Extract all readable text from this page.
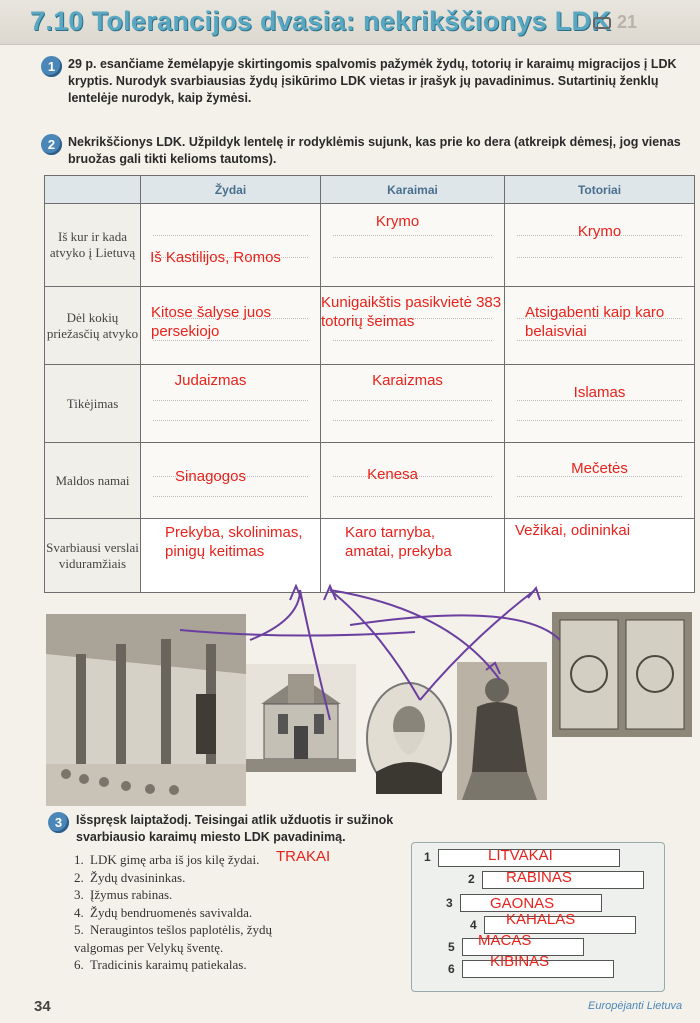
7.10 Tolerancijos dvasia: nekrikščionys LDK 21
1	29 p. esančiame žemėlapyje skirtingomis spalvomis pažymėk žydų, totorių ir karaimų migracijos į LDK kryptis. Nurodyk svarbiausias žydų įsikūrimo LDK vietas ir įrašyk jų pavadinimus. Sutartinių ženklų lentelėje nurodyk, kaip žymėsi.
2	Nekrikščionys LDK. Užpildyk lentelę ir rodyklėmis sujunk, kas prie ko dera (atkreipk dėmesį, jog vienas bruožas gali tikti kelioms tautoms).
	Žydai	Karaimai	Totoriai
Iš kur ir kada atvyko į Lietuvą	Iš Kastilijos, Romos	Krymo	Krymo

Dėl kokių priežasčių atvyko	Kitose šalyse juos persekiojo	Kunigaikštis pasikvietė 383 totorių šeimas	Atsigabenti kaip karo belaisviai

Tikėjimas	Judaizmas	Karaizmas	Islamas

Maldos namai	Sinagogos	Kenesa	Mečetės

Svarbiausi verslai viduramžiais	Prekyba, skolinimas, pinigų keitimas	Karo tarnyba, amatai, prekyba	Vežikai, odininkai
3	Išspręsk laiptažodį. Teisingai atlik užduotis ir sužinok svarbiausio karaimų miesto LDK pavadinimą.
1. LDK gimę arba iš jos kilę žydai.
2. Žydų dvasininkas.
3. Įžymus rabinas.
4. Žydų bendruomenės savivalda.
5. Neraugintos tešlos paplotėlis, žydų valgomas per Velykų šventę.
6. Tradicinis karaimų patiekalas.
TRAKAI	1	LITVAKAI
2 RABINAS
3 GAONAS
4 KAHALAS
5 MACAS
6 KIBINAS
34	Europėjanti Lietuva
